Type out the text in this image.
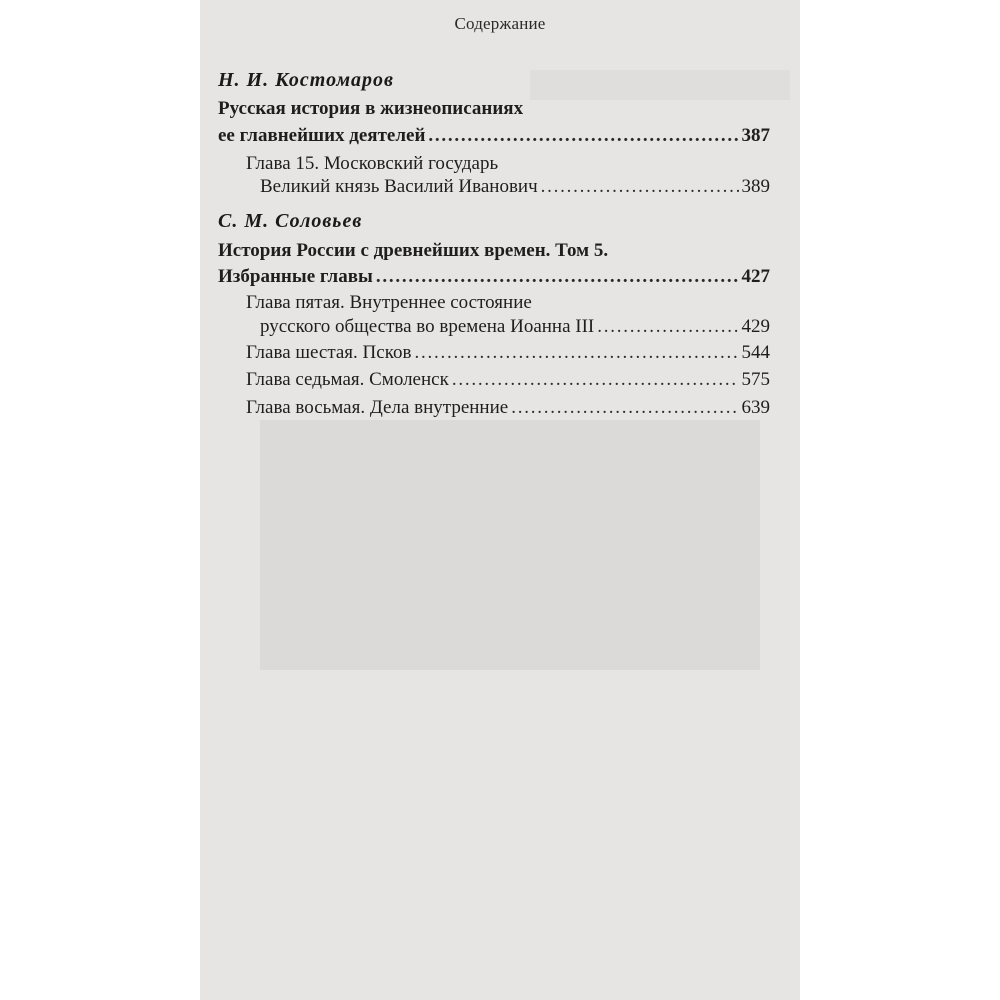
Содержание
Н. И. Костомаров
Русская история в жизнеописаниях
ее главнейших деятелей . . .	387
Глава 15. Московский государь
Великий князь Василий Иванович . . .	389
С. М. Соловьев
История России с древнейших времен. Том 5.
Избранные главы . . .	427
Глава пятая. Внутреннее состояние
русского общества во времена Иоанна III . . .	429
Глава шестая. Псков . . .	544
Глава седьмая. Смоленск . . .	575
Глава восьмая. Дела внутренние . . .	639
